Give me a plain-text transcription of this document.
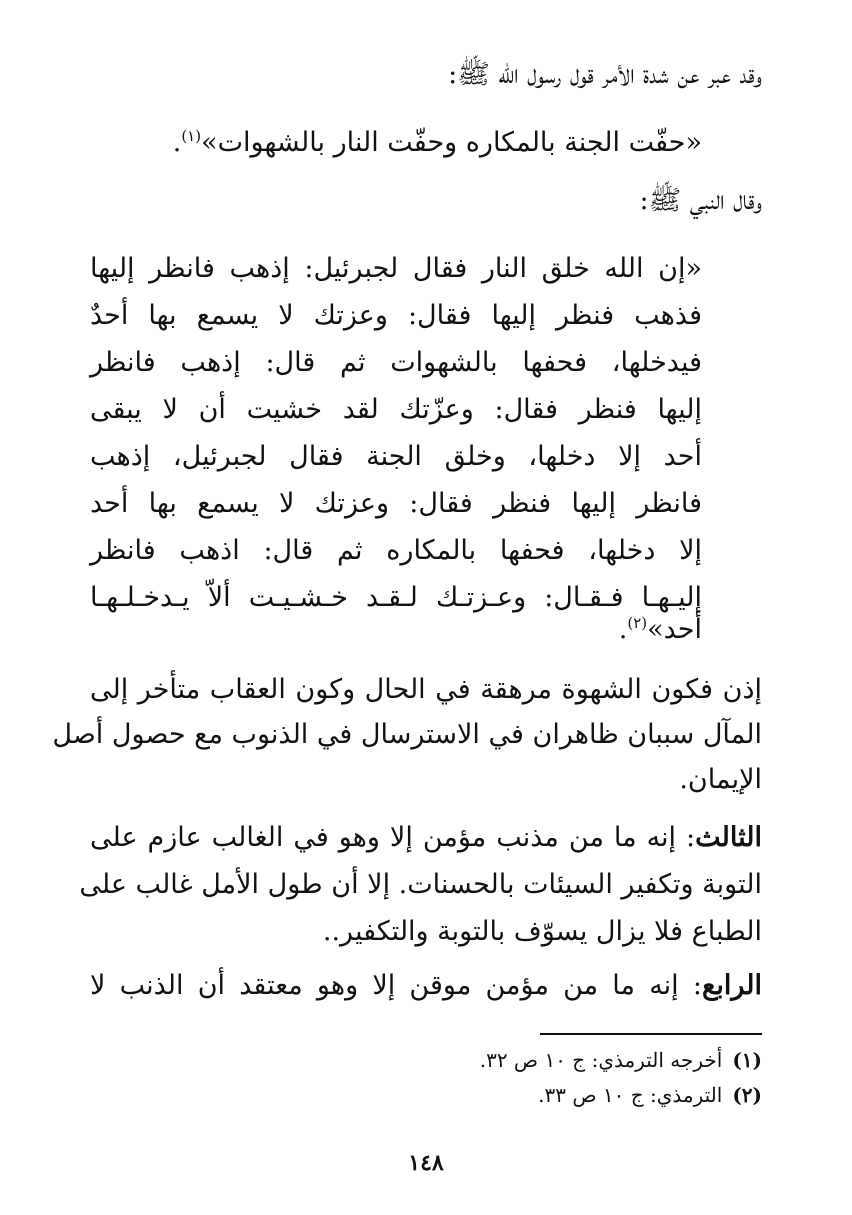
وقد عبر عن شدة الأمر قول رسول الله ﷺ:
«حفّت الجنة بالمكاره وحفّت النار بالشهوات»$^{(١)}$.
وقال النبي ﷺ:
«إن الله خلق النار فقال لجبرئيل: إذهب فانظر إليها
فذهب فنظر إليها فقال: وعزتك لا يسمع بها أحدٌ
فيدخلها، فحفها بالشهوات ثم قال: إذهب فانظر
إليها فنظر فقال: وعزّتك لقد خشيت أن لا يبقى
أحد إلا دخلها، وخلق الجنة فقال لجبرئيل، إذهب
فانظر إليها فنظر فقال: وعزتك لا يسمع بها أحد
إلا دخلها، فحفها بالمكاره ثم قال: اذهب فانظر
إليـهـا فـقـال: وعـزتـك لـقـد خـشـيـت ألاّ يـدخـلـهـا
أحد»$^{(٢)}$.
إذن فكون الشهوة مرهقة في الحال وكون العقاب متأخر إلى
المآل سببان ظاهران في الاسترسال في الذنوب مع حصول أصل
الإيمان.
الثالث: إنه ما من مذنب مؤمن إلا وهو في الغالب عازم على
التوبة وتكفير السيئات بالحسنات. إلا أن طول الأمل غالب على
الطباع فلا يزال يسوّف بالتوبة والتكفير..
الرابع: إنه ما من مؤمن موقن إلا وهو معتقد أن الذنب لا
(١)أخرجه الترمذي: ج ١٠ ص ٣٢.
(٢)الترمذي: ج ١٠ ص ٣٣.
١٤٨
